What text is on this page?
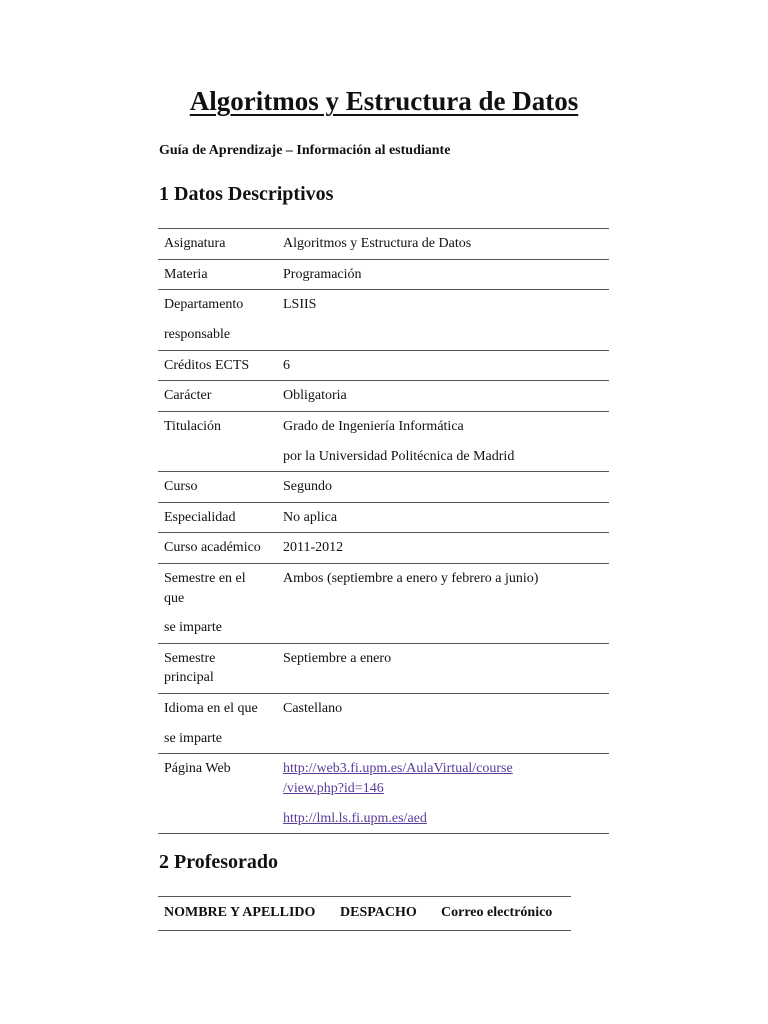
Algoritmos y Estructura de Datos

Guía de Aprendizaje – Información al estudiante

1 Datos Descriptivos
Asignatura	Algoritmos y Estructura de Datos

Materia	Programación

Departamento
responsable	LSIIS

Créditos ECTS	6

Carácter	Obligatoria

Titulación	Grado de Ingeniería Informática
por la Universidad Politécnica de Madrid

Curso	Segundo

Especialidad	No aplica

Curso académico	2011-2012

Semestre en el
que
se imparte	Ambos (septiembre a enero y febrero a junio)

Semestre
principal	Septiembre a enero

Idioma en el que
se imparte	Castellano

Página Web	http://web3.fi.upm.es/AulaVirtual/course
/view.php?id=146
http://lml.ls.fi.upm.es/aed
2 Profesorado
NOMBRE Y APELLIDO	DESPACHO	Correo electrónico
